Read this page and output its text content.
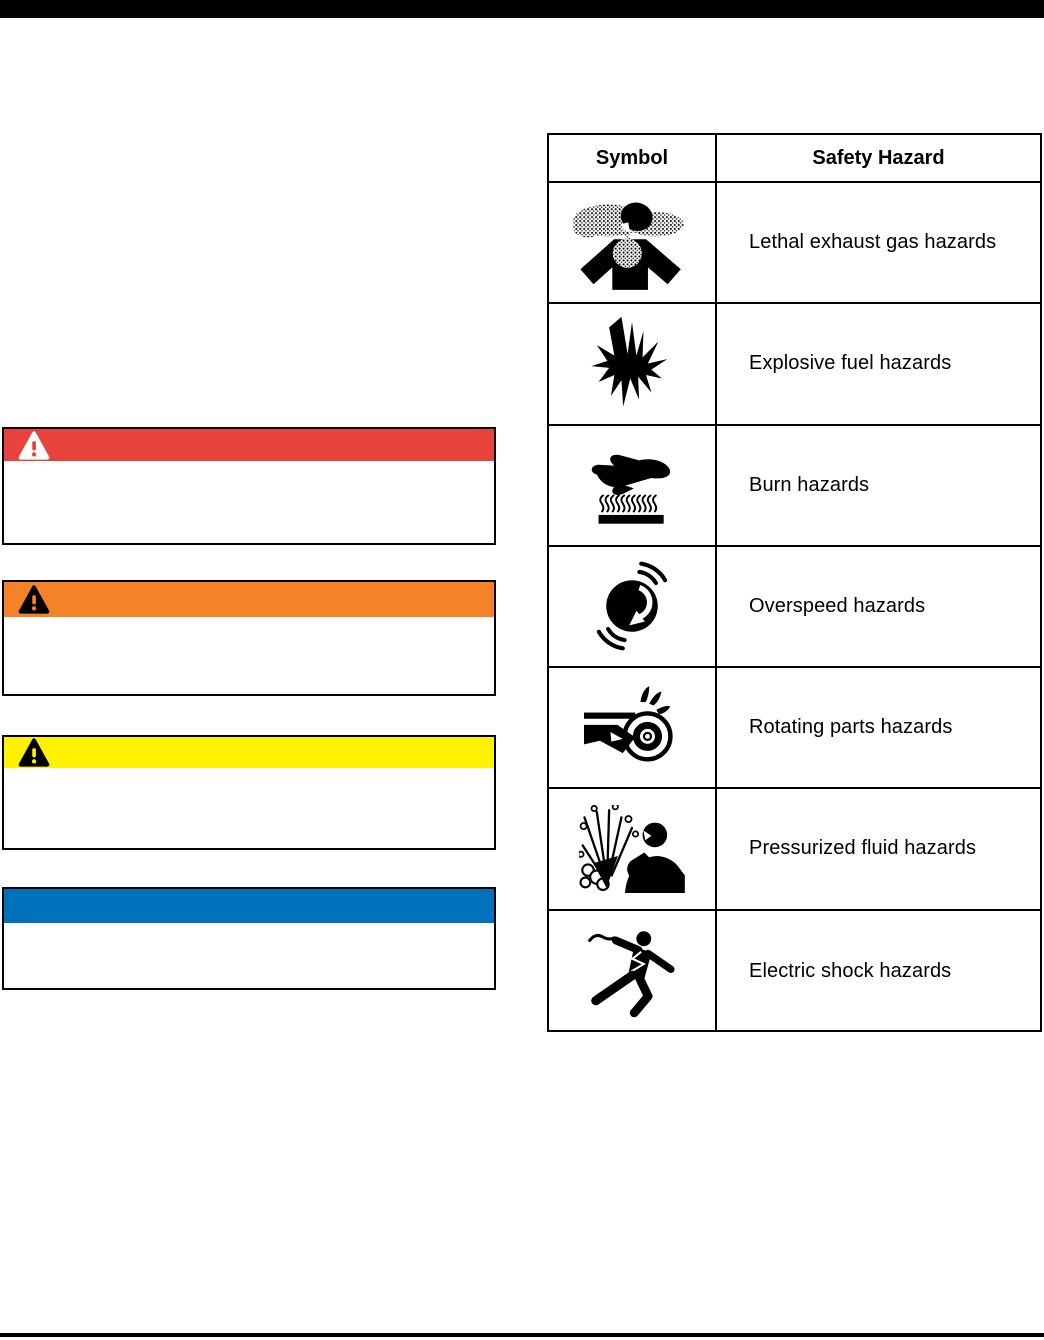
Symbol	Safety Hazard
Lethal exhaust gas hazards
Explosive fuel hazards
Burn hazards
Overspeed hazards
Rotating parts hazards
Pressurized fluid hazards
Electric shock hazards
